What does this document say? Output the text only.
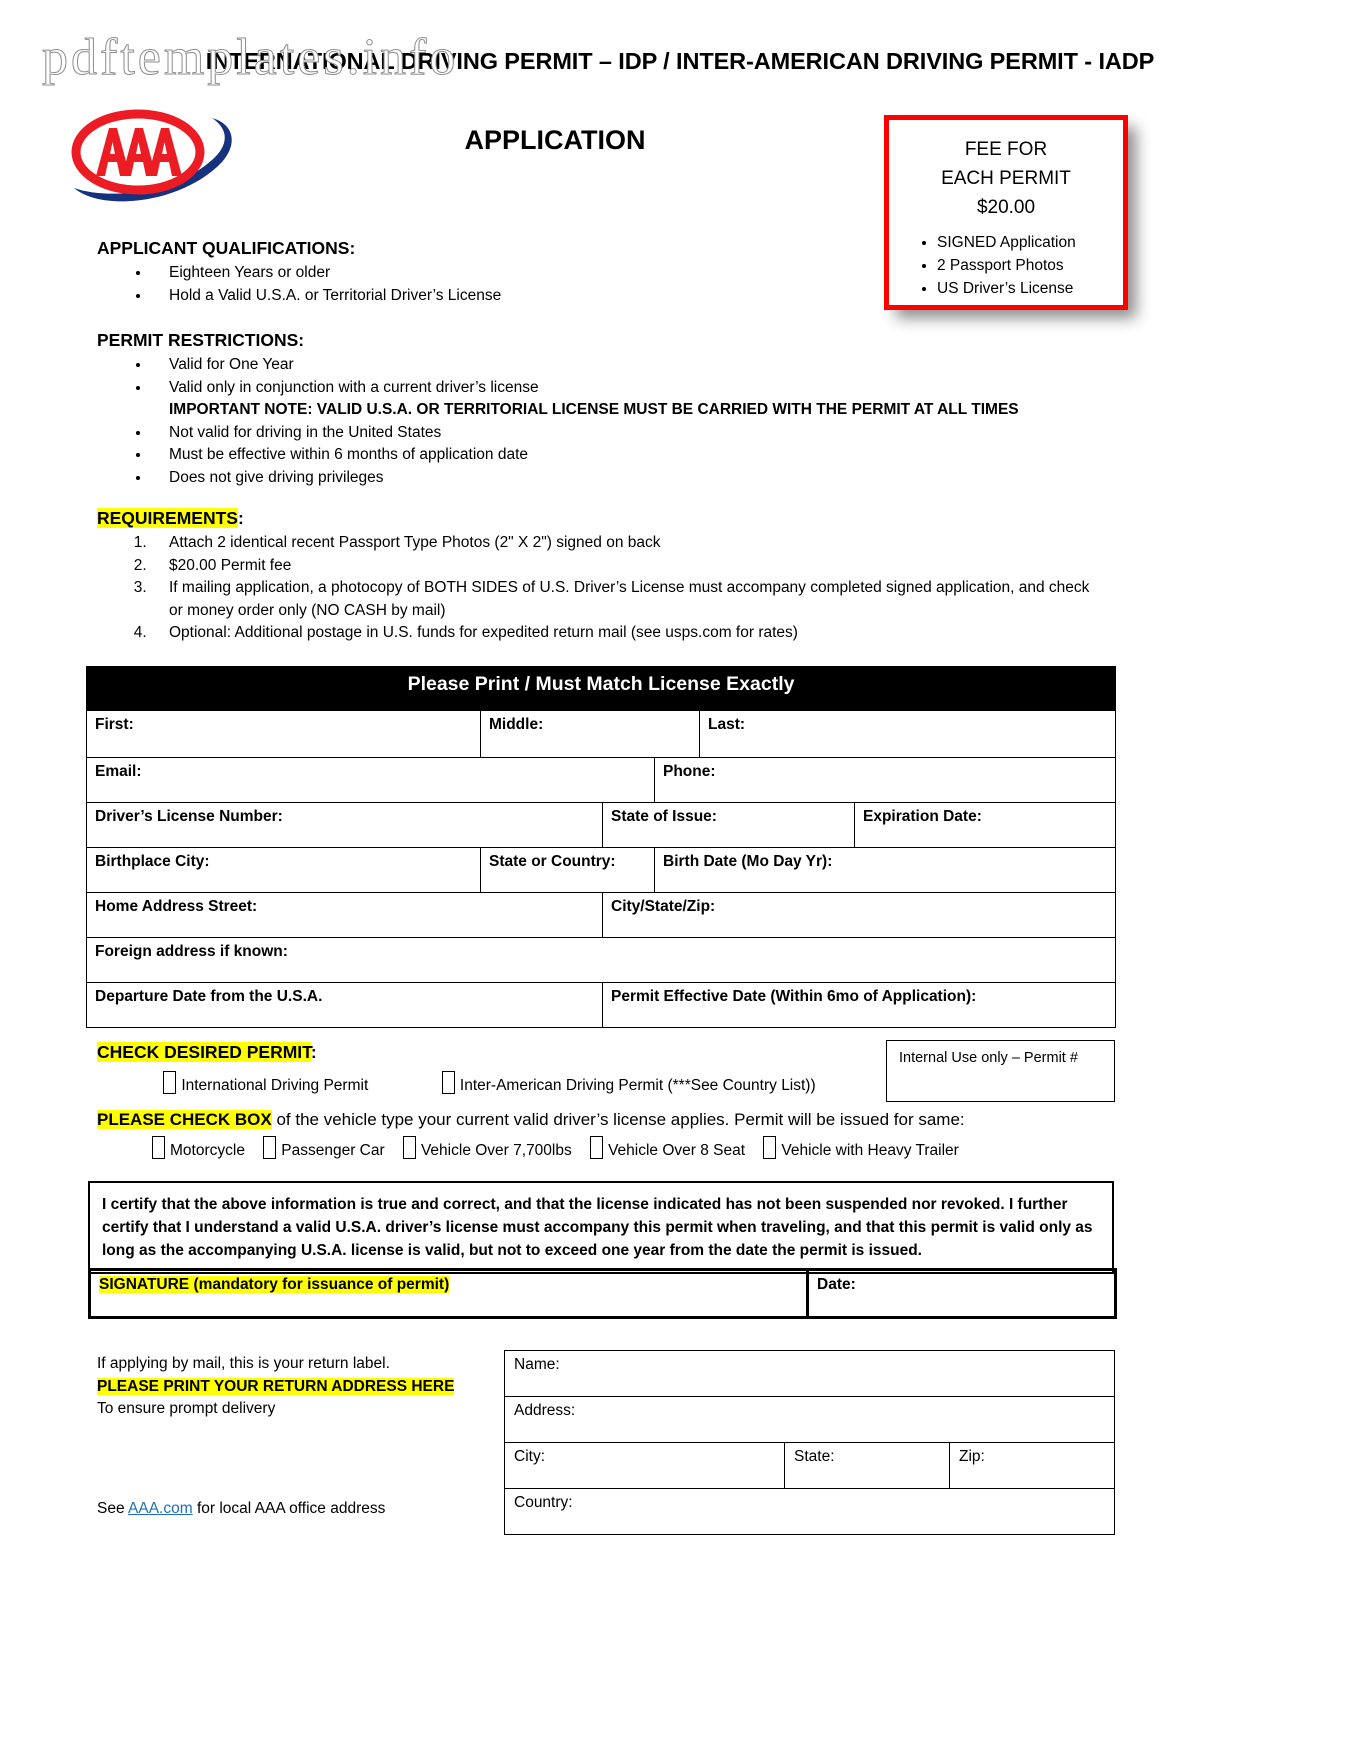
pdftemplates.info
INTERNATIONAL DRIVING PERMIT – IDP / INTER-AMERICAN DRIVING PERMIT - IADP
APPLICATION	FEE FOR
EACH PERMIT
$20.00
• SIGNED Application
• 2 Passport Photos
• US Driver’s License
APPLICANT QUALIFICATIONS:
• Eighteen Years or older
• Hold a Valid U.S.A. or Territorial Driver’s License
PERMIT RESTRICTIONS:
• Valid for One Year
• Valid only in conjunction with a current driver’s license
IMPORTANT NOTE: VALID U.S.A. OR TERRITORIAL LICENSE MUST BE CARRIED WITH THE PERMIT AT ALL TIMES
• Not valid for driving in the United States
• Must be effective within 6 months of application date
• Does not give driving privileges
REQUIREMENTS:
1. Attach 2 identical recent Passport Type Photos (2" X 2") signed on back
2. $20.00 Permit fee
3. If mailing application, a photocopy of BOTH SIDES of U.S. Driver’s License must accompany completed signed application, and check or money order only (NO CASH by mail)
4. Optional: Additional postage in U.S. funds for expedited return mail (see usps.com for rates)
Please Print / Must Match License Exactly					
First:	Middle:			Last:	
Email:			Phone:		
Driver’s License Number:		State of Issue:			Expiration Date:
Birthplace City:	State or Country:		Birth Date (Mo Day Yr):		
Home Address Street:		City/State/Zip:			
Foreign address if known:					
Departure Date from the U.S.A.		Permit Effective Date (Within 6mo of Application):			
CHECK DESIRED PERMIT:
International Driving Permit	Inter-American Driving Permit (***See Country List))
Internal Use only – Permit #
PLEASE CHECK BOX of the vehicle type your current valid driver’s license applies. Permit will be issued for same:
Motorcycle Passenger Car Vehicle Over 7,700lbs Vehicle Over 8 Seat Vehicle with Heavy Trailer
I certify that the above information is true and correct, and that the license indicated has not been suspended nor revoked. I further certify that I understand a valid U.S.A. driver’s license must accompany this permit when traveling, and that this permit is valid only as long as the accompanying U.S.A. license is valid, but not to exceed one year from the date the permit is issued.
SIGNATURE (mandatory for issuance of permit)	Date:
If applying by mail, this is your return label.
PLEASE PRINT YOUR RETURN ADDRESS HERE
To ensure prompt delivery
See AAA.com for local AAA office address
Name:
Address:
City:	State:	Zip:
Country:
